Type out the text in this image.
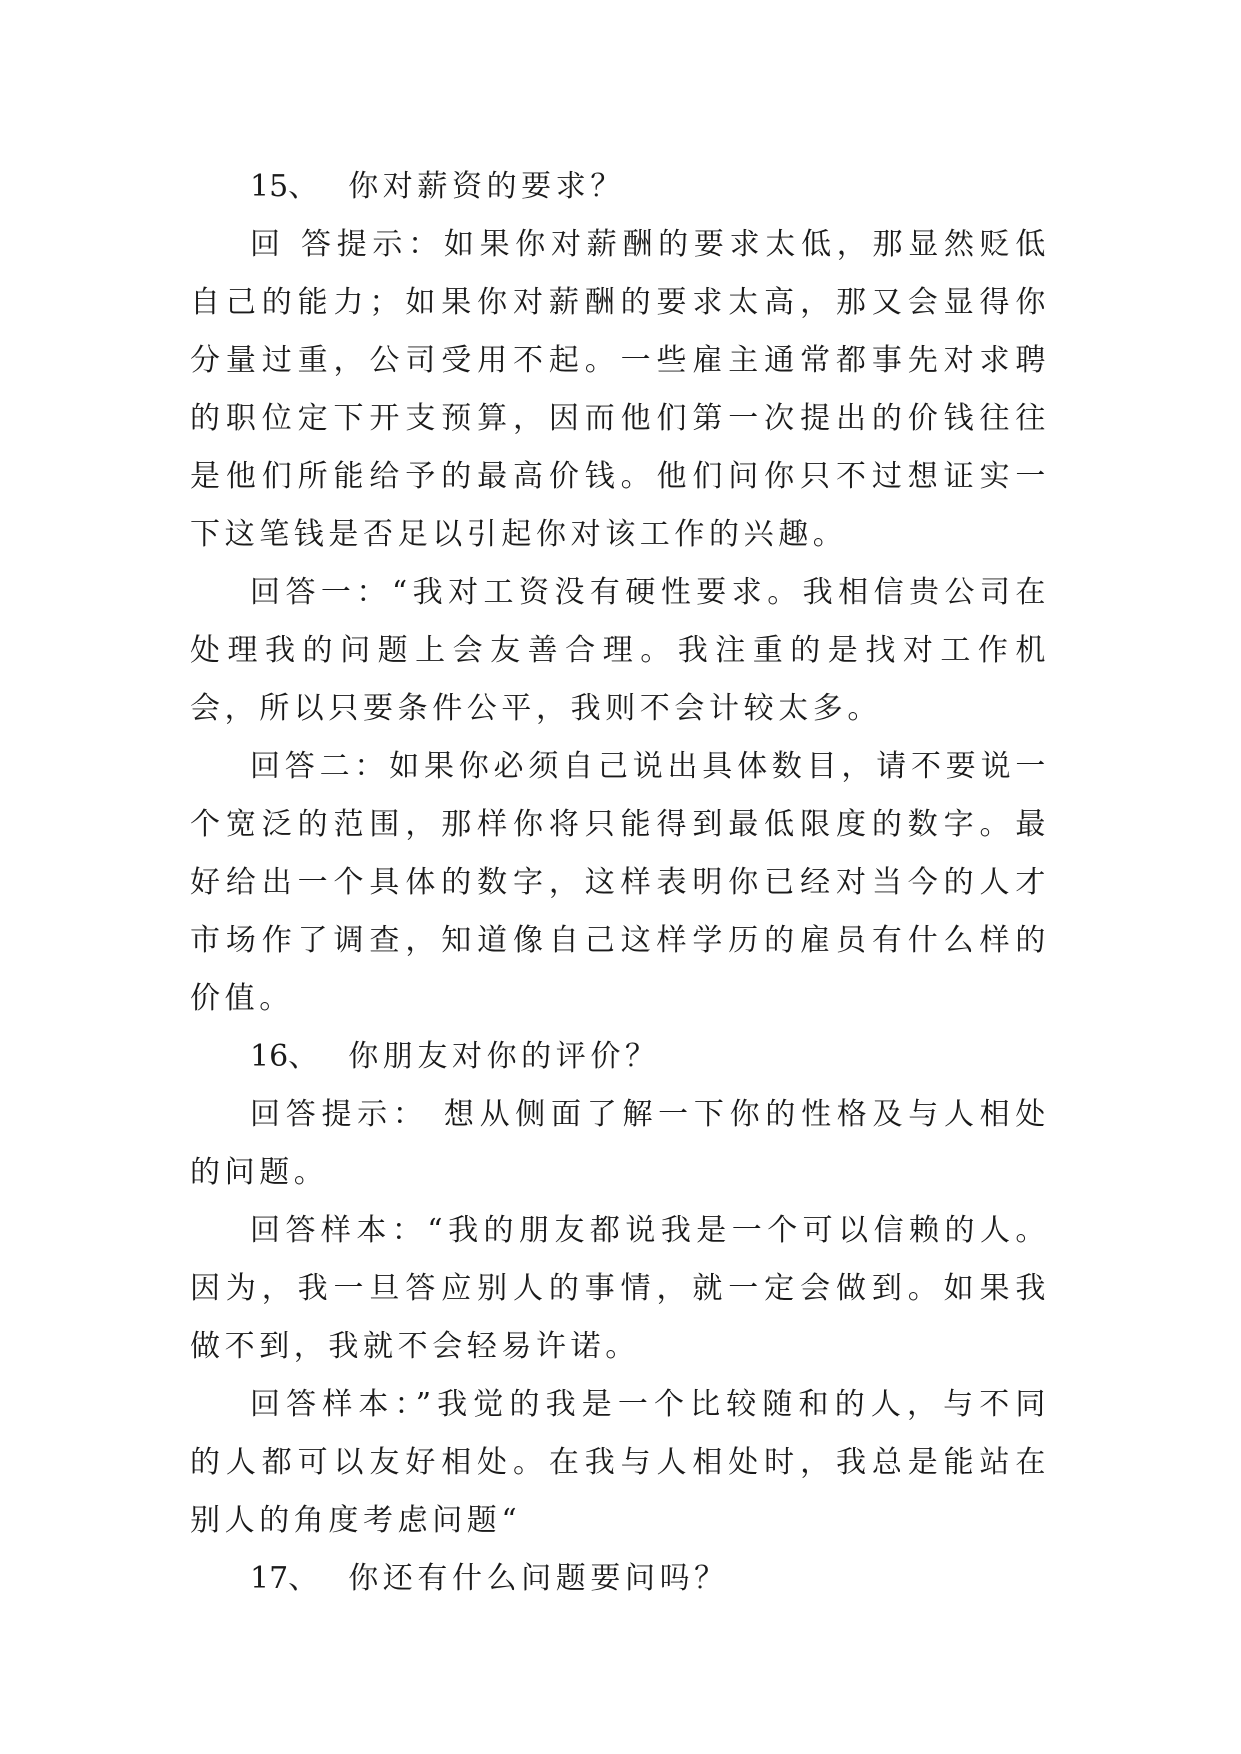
15、 你对薪资的要求？

回 答提示：如果你对薪酬的要求太低，那显然贬低自己的能力；如果你对薪酬的要求太高，那又会显得你分量过重，公司受用不起。一些雇主通常都事先对求聘的职位定下开支预算，因而他们第一次提出的价钱往往是他们所能给予的最高价钱。他们问你只不过想证实一下这笔钱是否足以引起你对该工作的兴趣。

回答一：“我对工资没有硬性要求。我相信贵公司在处理我的问题上会友善合理。我注重的是找对工作机会，所以只要条件公平，我则不会计较太多。

回答二：如果你必须自己说出具体数目，请不要说一个宽泛的范围，那样你将只能得到最低限度的数字。最好给出一个具体的数字，这样表明你已经对当今的人才市场作了调查，知道像自己这样学历的雇员有什么样的价值。

16、 你朋友对你的评价？

回答提示： 想从侧面了解一下你的性格及与人相处的问题。

回答样本：“我的朋友都说我是一个可以信赖的人。因为，我一旦答应别人的事情，就一定会做到。如果我做不到，我就不会轻易许诺。

回答样本：”我觉的我是一个比较随和的人，与不同的人都可以友好相处。在我与人相处时，我总是能站在别人的角度考虑问题“

17、 你还有什么问题要问吗？
